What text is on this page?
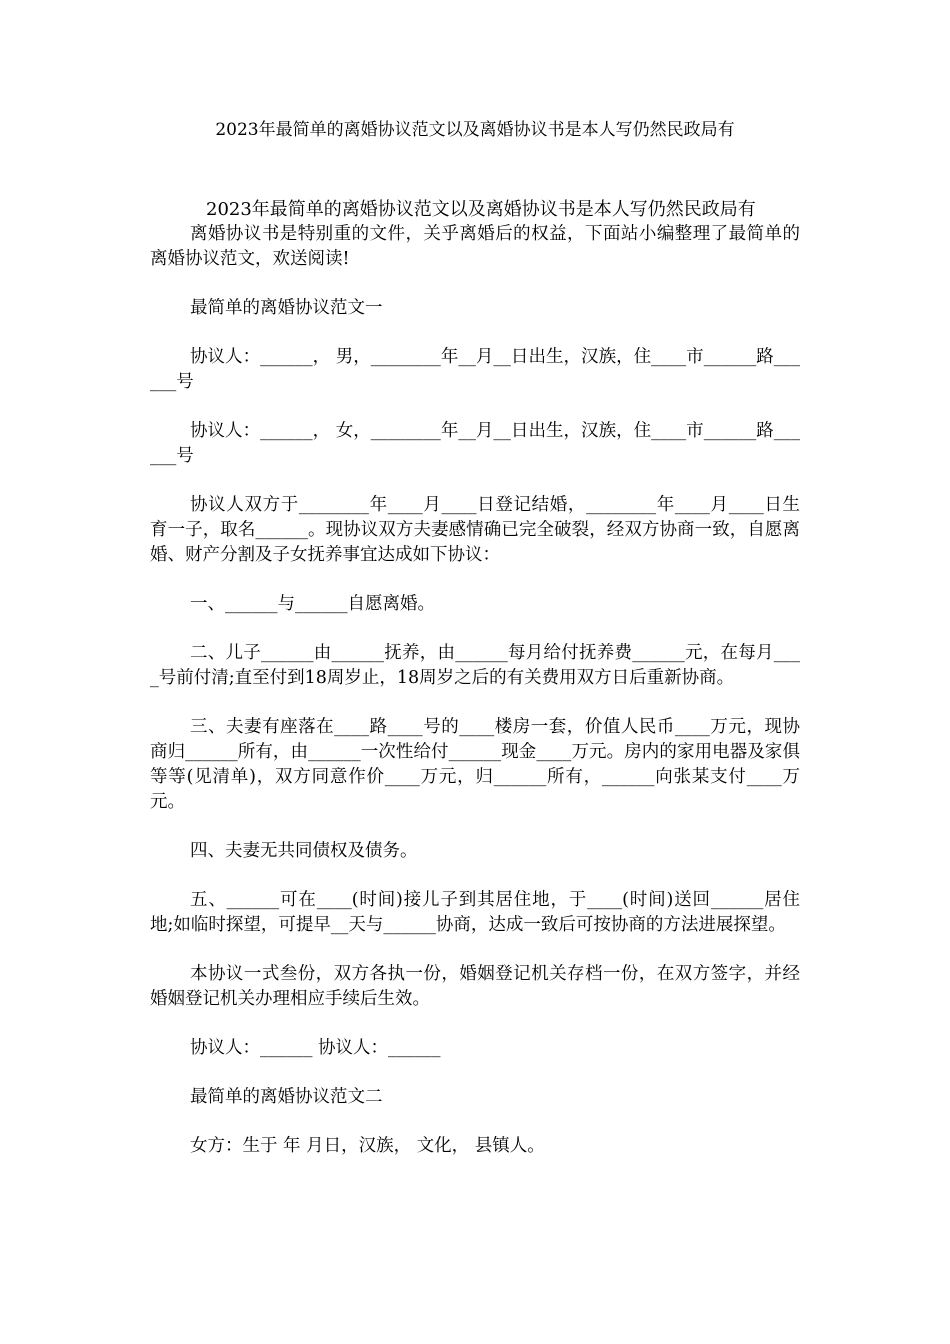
2023年最简单的离婚协议范文以及离婚协议书是本人写仍然民政局有
2023年最简单的离婚协议范文以及离婚协议书是本人写仍然民政局有

离婚协议书是特别重的文件，关乎离婚后的权益，下面站小编整理了最简单的离婚协议范文，欢送阅读!

最简单的离婚协议范文一

协议人：______， 男，________年__月__日出生，汉族，住____市______路______号

协议人：______， 女，________年__月__日出生，汉族，住____市______路______号

协议人双方于________年____月____日登记结婚，________年____月____日生育一子，取名______。现协议双方夫妻感情确已完全破裂，经双方协商一致，自愿离婚、财产分割及子女抚养事宜达成如下协议：

一、______与______自愿离婚。

二、儿子______由______抚养，由______每月给付抚养费______元，在每月____号前付清;直至付到18周岁止，18周岁之后的有关费用双方日后重新协商。

三、夫妻有座落在____路____号的____楼房一套，价值人民币____万元，现协商归______所有，由______一次性给付______现金____万元。房内的家用电器及家俱等等(见清单)，双方同意作价____万元，归______所有，______向张某支付____万元。

四、夫妻无共同债权及债务。

五、______可在____(时间)接儿子到其居住地，于____(时间)送回______居住地;如临时探望，可提早__天与______协商，达成一致后可按协商的方法进展探望。

本协议一式叁份，双方各执一份，婚姻登记机关存档一份，在双方签字，并经婚姻登记机关办理相应手续后生效。

协议人：______ 协议人：______

最简单的离婚协议范文二

女方：生于 年 月日，汉族， 文化， 县镇人。
